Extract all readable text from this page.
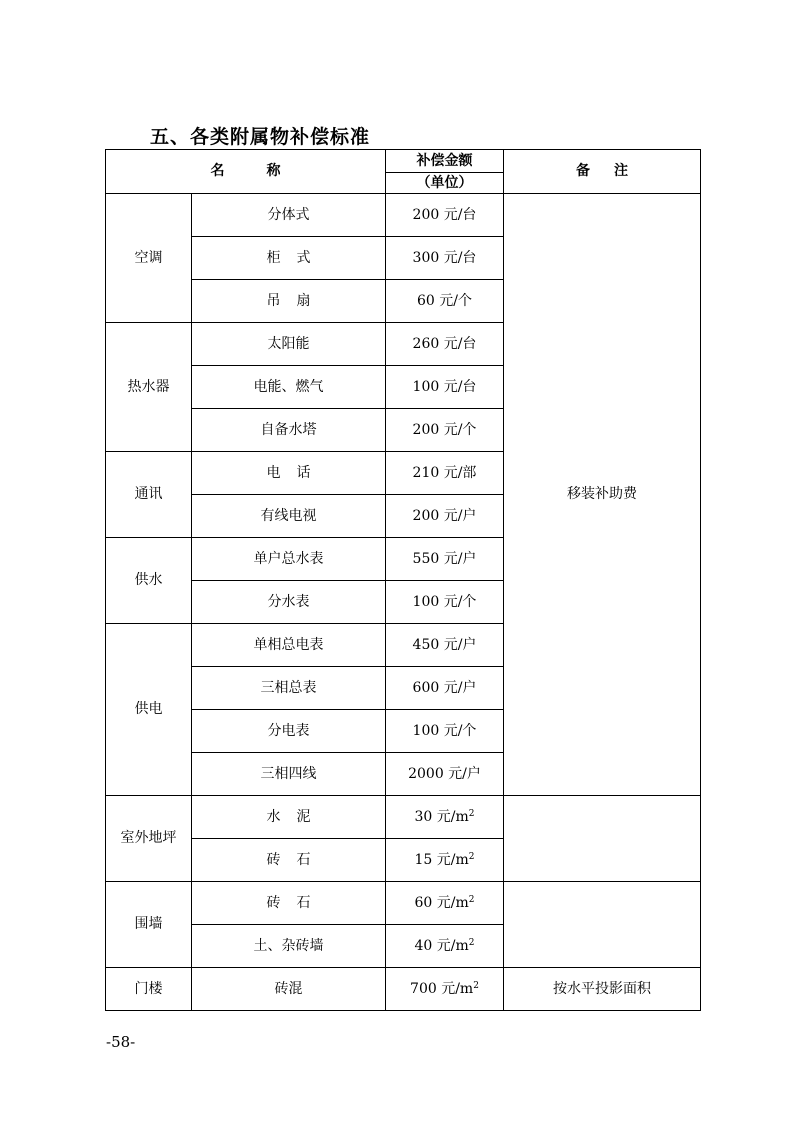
五、各类附属物补偿标准
名称		补偿金额	备注
		（单位）	
空调	分体式	200 元/台	移装补助费
	柜式	300 元/台	
	吊扇	60 元/个	
热水器	太阳能	260 元/台	
	电能、燃气	100 元/台	
	自备水塔	200 元/个	
通讯	电话	210 元/部	
	有线电视	200 元/户	
供水	单户总水表	550 元/户	
	分水表	100 元/个	
供电	单相总电表	450 元/户	
	三相总表	600 元/户	
	分电表	100 元/个	
	三相四线	2000 元/户	
室外地坪	水泥	30 元$/m^2$	
	砖石	15 元$/m^2$
围墙	砖石	60 元$/m^2$	
	土、杂砖墙	40 元$/m^2$
门楼	砖混	700 元$/m^2$	按水平投影面积
-58-
